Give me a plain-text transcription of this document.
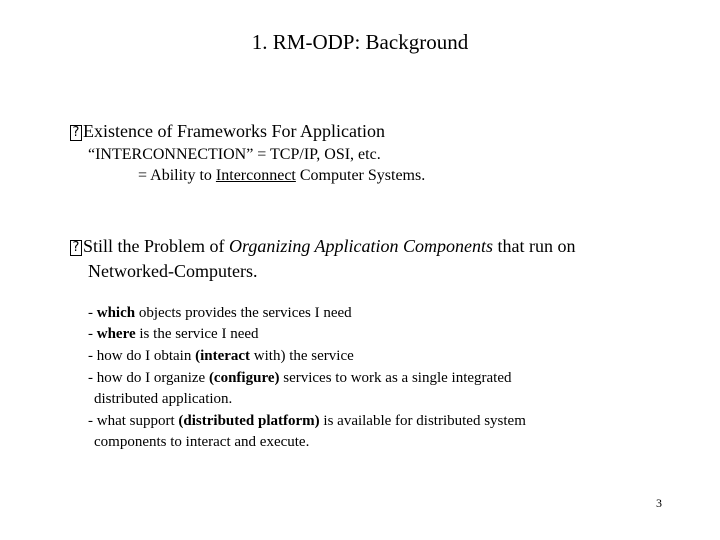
1. RM-ODP: Background
? Existence of Frameworks For Application
“INTERCONNECTION” = TCP/IP, OSI, etc.
= Ability to Interconnect Computer Systems.
? Still the Problem of Organizing Application Components that run on
Networked-Computers.
- which objects provides the services I need
- where is the service I need
- how do I obtain (interact with) the service
- how do I organize (configure) services to work as a single integrated
distributed application.
- what support (distributed platform) is available for distributed system
components to interact and execute.
3
